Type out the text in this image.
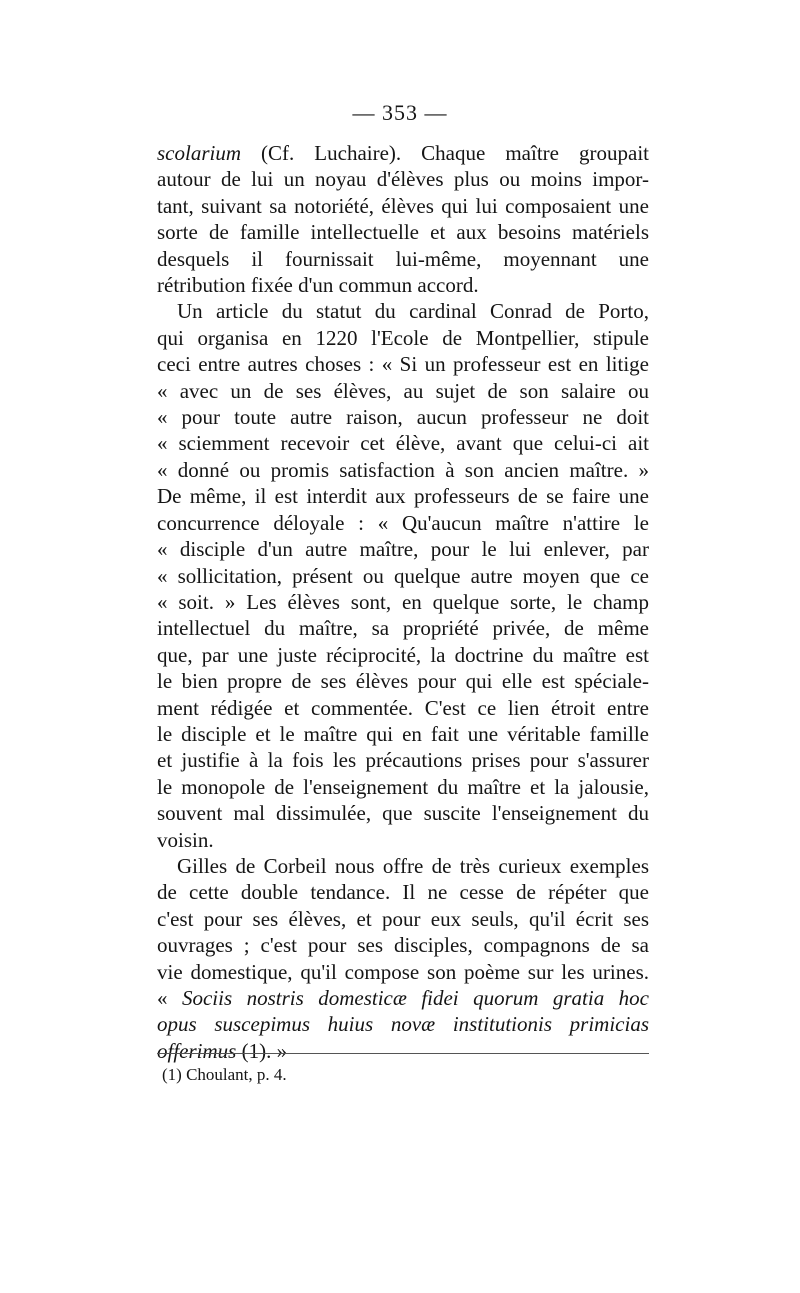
— 353 —
scolarium (Cf. Luchaire). Chaque maître groupait
autour de lui un noyau d'élèves plus ou moins impor-
tant, suivant sa notoriété, élèves qui lui composaient une
sorte de famille intellectuelle et aux besoins matériels
desquels il fournissait lui-même, moyennant une
rétribution fixée d'un commun accord.
Un article du statut du cardinal Conrad de Porto,
qui organisa en 1220 l'Ecole de Montpellier, stipule
ceci entre autres choses : « Si un professeur est en litige
« avec un de ses élèves, au sujet de son salaire ou
« pour toute autre raison, aucun professeur ne doit
« sciemment recevoir cet élève, avant que celui-ci ait
« donné ou promis satisfaction à son ancien maître. »
De même, il est interdit aux professeurs de se faire une
concurrence déloyale : « Qu'aucun maître n'attire le
« disciple d'un autre maître, pour le lui enlever, par
« sollicitation, présent ou quelque autre moyen que ce
« soit. » Les élèves sont, en quelque sorte, le champ
intellectuel du maître, sa propriété privée, de même
que, par une juste réciprocité, la doctrine du maître est
le bien propre de ses élèves pour qui elle est spéciale-
ment rédigée et commentée. C'est ce lien étroit entre
le disciple et le maître qui en fait une véritable famille
et justifie à la fois les précautions prises pour s'assurer
le monopole de l'enseignement du maître et la jalousie,
souvent mal dissimulée, que suscite l'enseignement du
voisin.
Gilles de Corbeil nous offre de très curieux exemples
de cette double tendance. Il ne cesse de répéter que
c'est pour ses élèves, et pour eux seuls, qu'il écrit ses
ouvrages ; c'est pour ses disciples, compagnons de sa
vie domestique, qu'il compose son poème sur les urines.
« Sociis nostris domesticæ fidei quorum gratia hoc
opus suscepimus huius novæ institutionis primicias
offerimus (1). »
(1) Choulant, p. 4.
